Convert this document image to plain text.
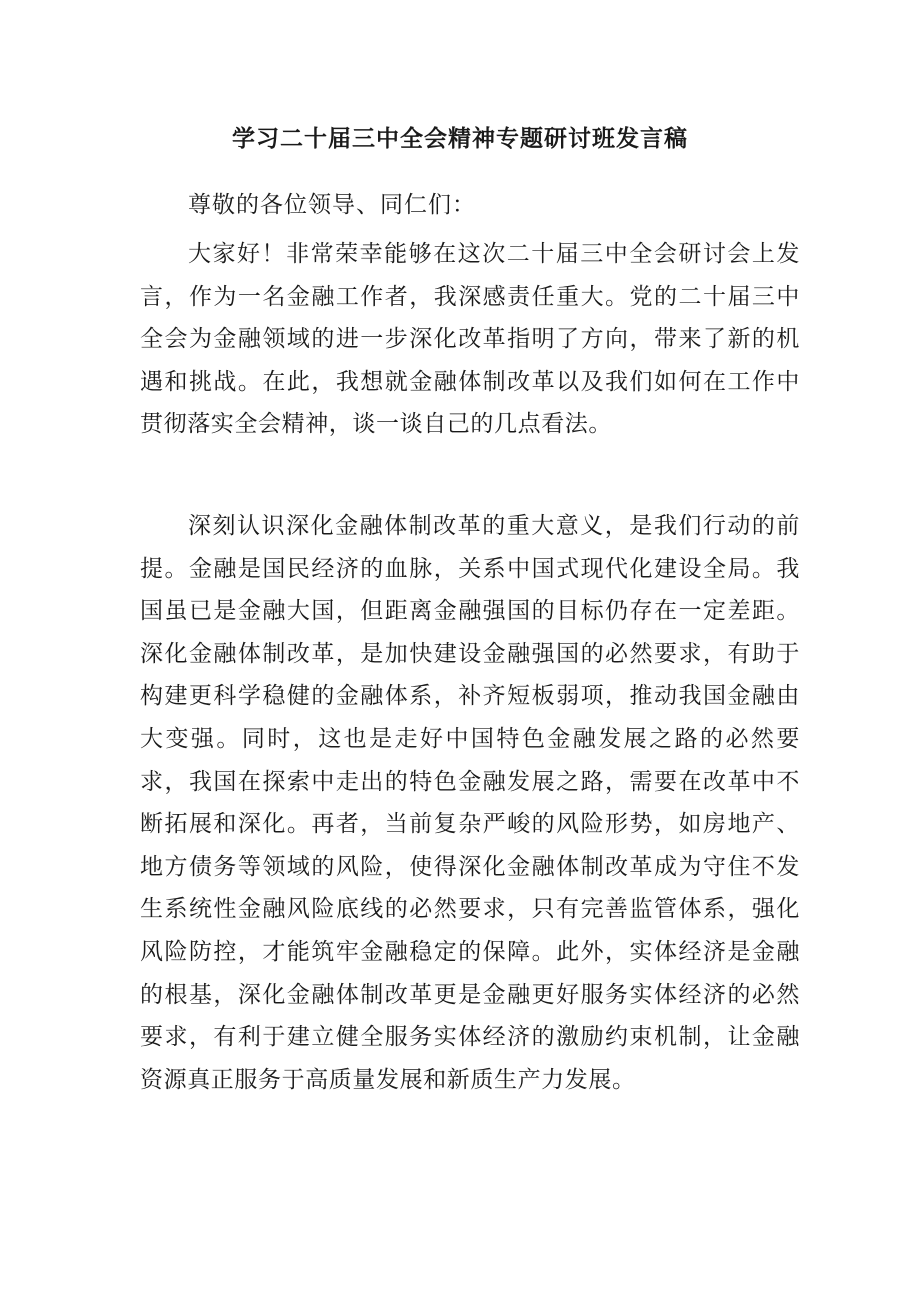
学习二十届三中全会精神专题研讨班发言稿

尊敬的各位领导、同仁们：

大家好！非常荣幸能够在这次二十届三中全会研讨会上发言，作为一名金融工作者，我深感责任重大。党的二十届三中全会为金融领域的进一步深化改革指明了方向，带来了新的机遇和挑战。在此，我想就金融体制改革以及我们如何在工作中贯彻落实全会精神，谈一谈自己的几点看法。

深刻认识深化金融体制改革的重大意义，是我们行动的前提。金融是国民经济的血脉，关系中国式现代化建设全局。我国虽已是金融大国，但距离金融强国的目标仍存在一定差距。深化金融体制改革，是加快建设金融强国的必然要求，有助于构建更科学稳健的金融体系，补齐短板弱项，推动我国金融由大变强。同时，这也是走好中国特色金融发展之路的必然要求，我国在探索中走出的特色金融发展之路，需要在改革中不断拓展和深化。再者，当前复杂严峻的风险形势，如房地产、地方债务等领域的风险，使得深化金融体制改革成为守住不发生系统性金融风险底线的必然要求，只有完善监管体系，强化风险防控，才能筑牢金融稳定的保障。此外，实体经济是金融的根基，深化金融体制改革更是金融更好服务实体经济的必然要求，有利于建立健全服务实体经济的激励约束机制，让金融资源真正服务于高质量发展和新质生产力发展。
